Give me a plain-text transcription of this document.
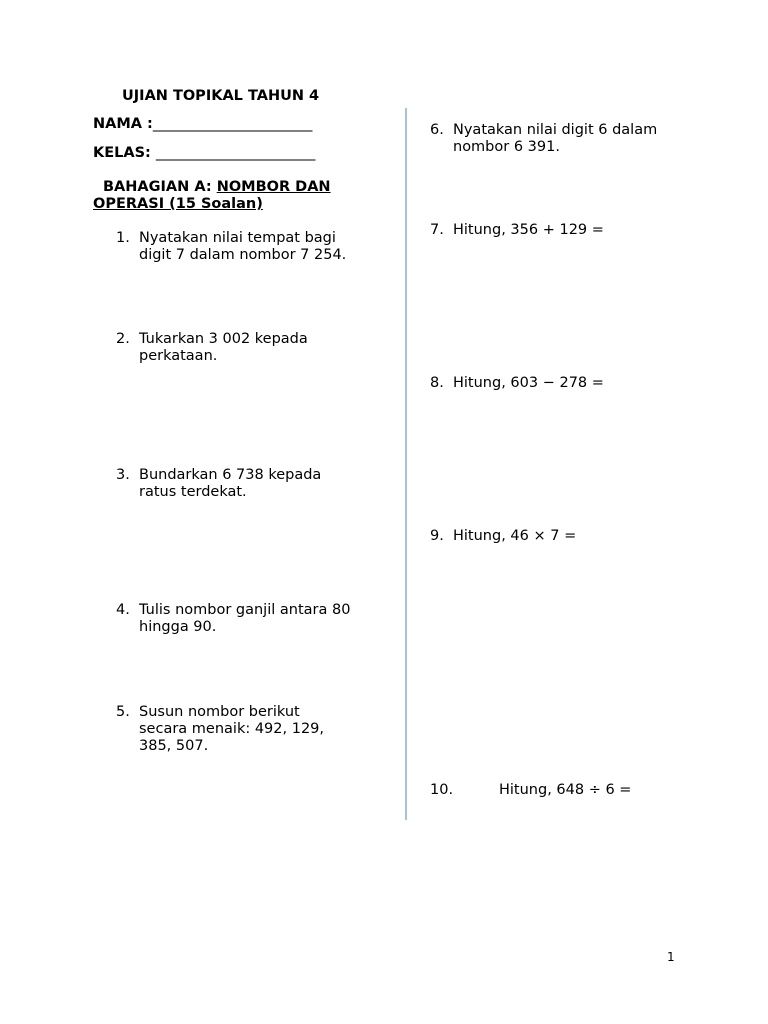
UJIAN TOPIKAL TAHUN 4
NAMA :______________________
KELAS: ______________________
BAHAGIAN A: NOMBOR DAN
OPERASI (15 Soalan)
1. Nyatakan nilai tempat bagi digit 7 dalam nombor 7 254.
2. Tukarkan 3 002 kepada perkataan.
3. Bundarkan 6 738 kepada ratus terdekat.
4. Tulis nombor ganjil antara 80 hingga 90.
5. Susun nombor berikut secara menaik: 492, 129, 385, 507.
6. Nyatakan nilai digit 6 dalam nombor 6 391.
7. Hitung, 356 + 129 =
8. Hitung, 603 − 278 =
9. Hitung, 46 × 7 =
10.	Hitung, 648 ÷ 6 =
1
